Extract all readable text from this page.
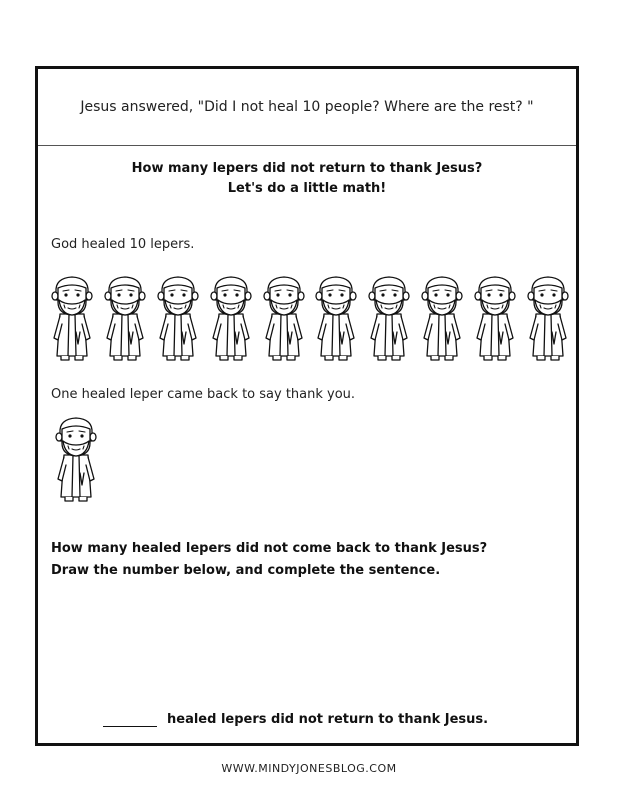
Jesus answered, "Did I not heal 10 people? Where are the rest? "
How many lepers did not return to thank Jesus?
Let's do a little math!
God healed 10 lepers.
One healed leper came back to say thank you.
How many healed lepers did not come back to thank Jesus?
Draw the number below, and complete the sentence.
healed lepers did not return to thank Jesus.
WWW.MINDYJONESBLOG.COM
